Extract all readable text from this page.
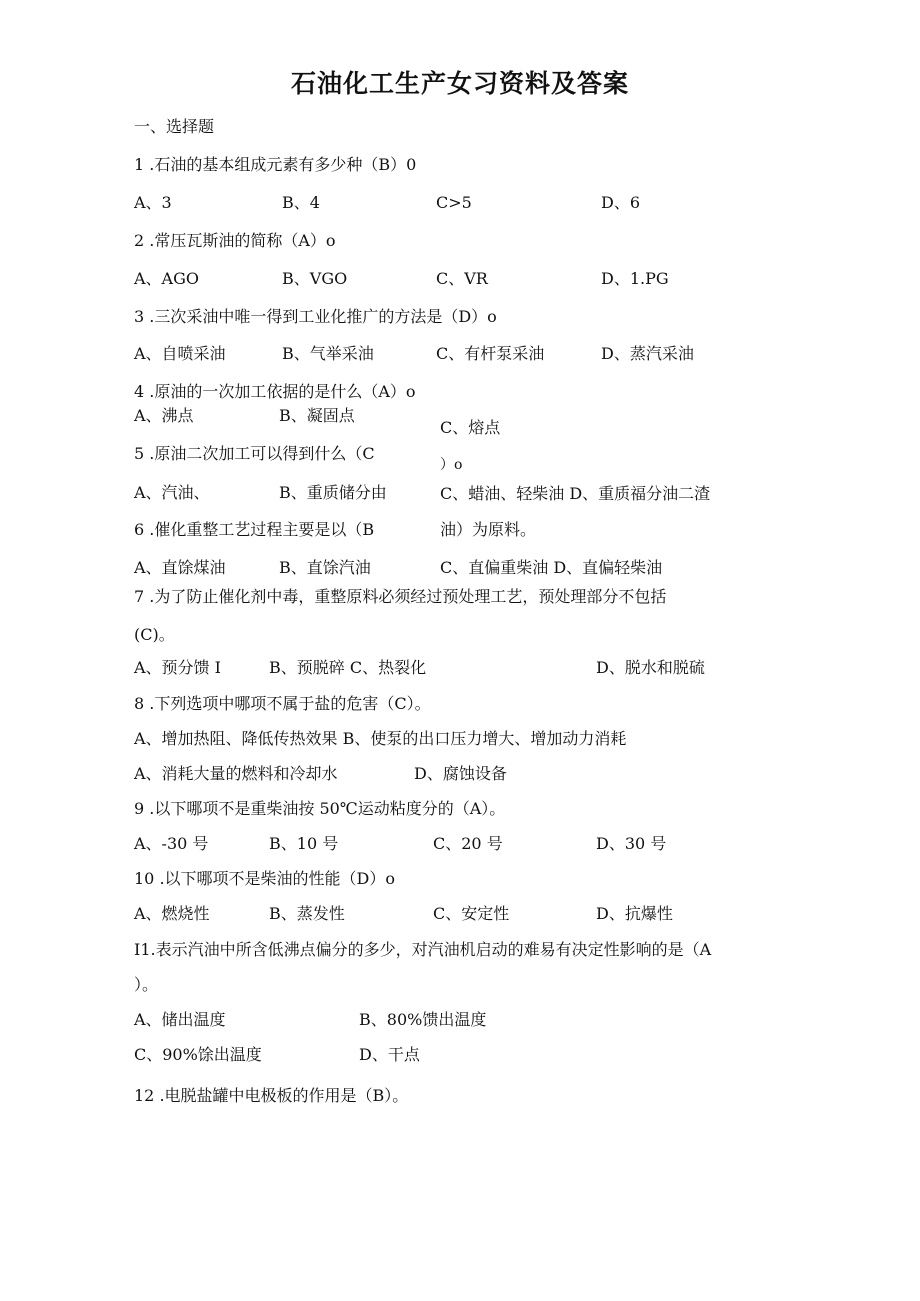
石油化工生产女习资料及答案
一、选择题
1 .石油的基本组成元素有多少种（B）0
A、3	B、4	C>5	D、6
2 .常压瓦斯油的简称（A）o
A、AGO	B、VGO	C、VR	D、1.PG
3 .三次采油中唯一得到工业化推广的方法是（D）o
A、自喷采油	B、气举采油	C、有杆泵采油	D、蒸汽采油
4 .原油的一次加工依据的是什么（A）o
A、沸点	B、凝固点
C、熔点
5 .原油二次加工可以得到什么（C
）o
A、汽油、	B、重质储分由	C、蜡油、轻柴油 D、重质福分油二渣
6 .催化重整工艺过程主要是以（B	油）为原料。
A、直馀煤油	B、直馀汽油	C、直偏重柴油 D、直偏轻柴油
7 .为了防止催化剂中毒，重整原料必须经过预处理工艺，预处理部分不包括
(C)。
A、预分馈 I	B、预脱碎 C、热裂化	D、脱水和脱硫
8 .下列选项中哪项不属于盐的危害（C）。
A、增加热阻、降低传热效果 B、使泵的出口压力增大、增加动力消耗
A、消耗大量的燃料和冷却水	D、腐蚀设备
9 .以下哪项不是重柴油按 50℃运动粘度分的（A）。
A、-30 号	B、10 号	C、20 号	D、30 号
10 .以下哪项不是柴油的性能（D）o
A、燃烧性	B、蒸发性	C、安定性	D、抗爆性
I1.表示汽油中所含低沸点偏分的多少，对汽油机启动的难易有决定性影响的是（A
）。
A、储出温度	B、80%馈出温度
C、90%馀出温度	D、干点
12 .电脱盐罐中电极板的作用是（B）。
